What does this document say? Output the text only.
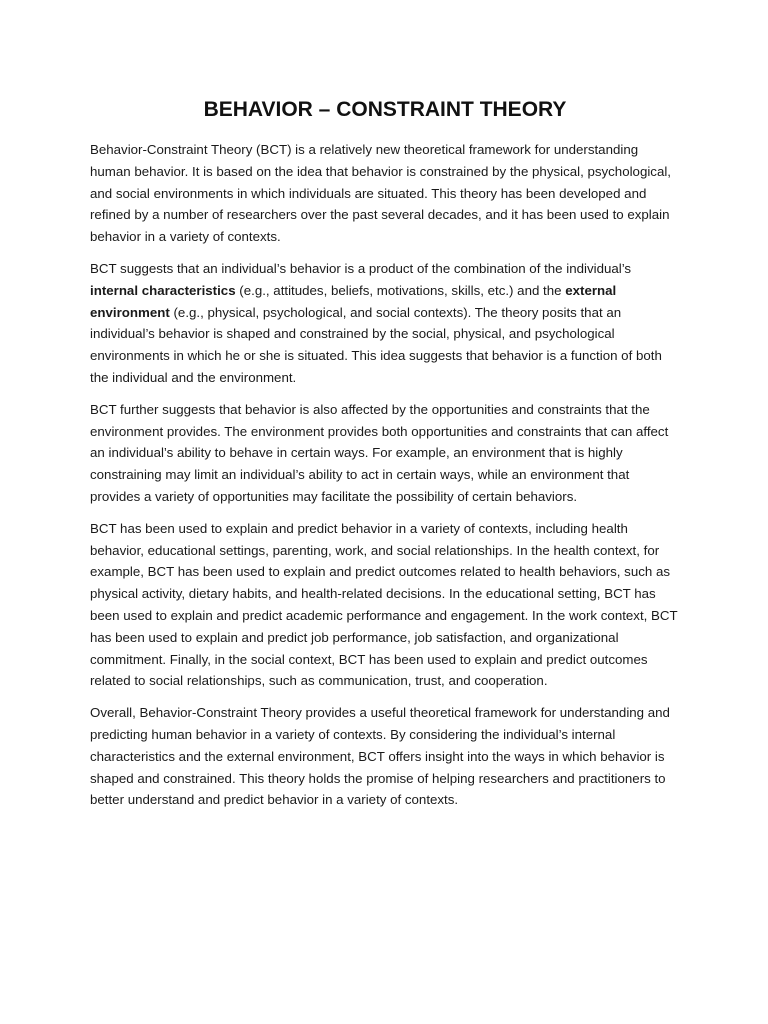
BEHAVIOR – CONSTRAINT THEORY

Behavior-Constraint Theory (BCT) is a relatively new theoretical framework for understanding human behavior. It is based on the idea that behavior is constrained by the physical, psychological, and social environments in which individuals are situated. This theory has been developed and refined by a number of researchers over the past several decades, and it has been used to explain behavior in a variety of contexts.

BCT suggests that an individual’s behavior is a product of the combination of the individual’s internal characteristics (e.g., attitudes, beliefs, motivations, skills, etc.) and the external environment (e.g., physical, psychological, and social contexts). The theory posits that an individual’s behavior is shaped and constrained by the social, physical, and psychological environments in which he or she is situated. This idea suggests that behavior is a function of both the individual and the environment.

BCT further suggests that behavior is also affected by the opportunities and constraints that the environment provides. The environment provides both opportunities and constraints that can affect an individual’s ability to behave in certain ways. For example, an environment that is highly constraining may limit an individual’s ability to act in certain ways, while an environment that provides a variety of opportunities may facilitate the possibility of certain behaviors.

BCT has been used to explain and predict behavior in a variety of contexts, including health behavior, educational settings, parenting, work, and social relationships. In the health context, for example, BCT has been used to explain and predict outcomes related to health behaviors, such as physical activity, dietary habits, and health-related decisions. In the educational setting, BCT has been used to explain and predict academic performance and engagement. In the work context, BCT has been used to explain and predict job performance, job satisfaction, and organizational commitment. Finally, in the social context, BCT has been used to explain and predict outcomes related to social relationships, such as communication, trust, and cooperation.

Overall, Behavior-Constraint Theory provides a useful theoretical framework for understanding and predicting human behavior in a variety of contexts. By considering the individual’s internal characteristics and the external environment, BCT offers insight into the ways in which behavior is shaped and constrained. This theory holds the promise of helping researchers and practitioners to better understand and predict behavior in a variety of contexts.
